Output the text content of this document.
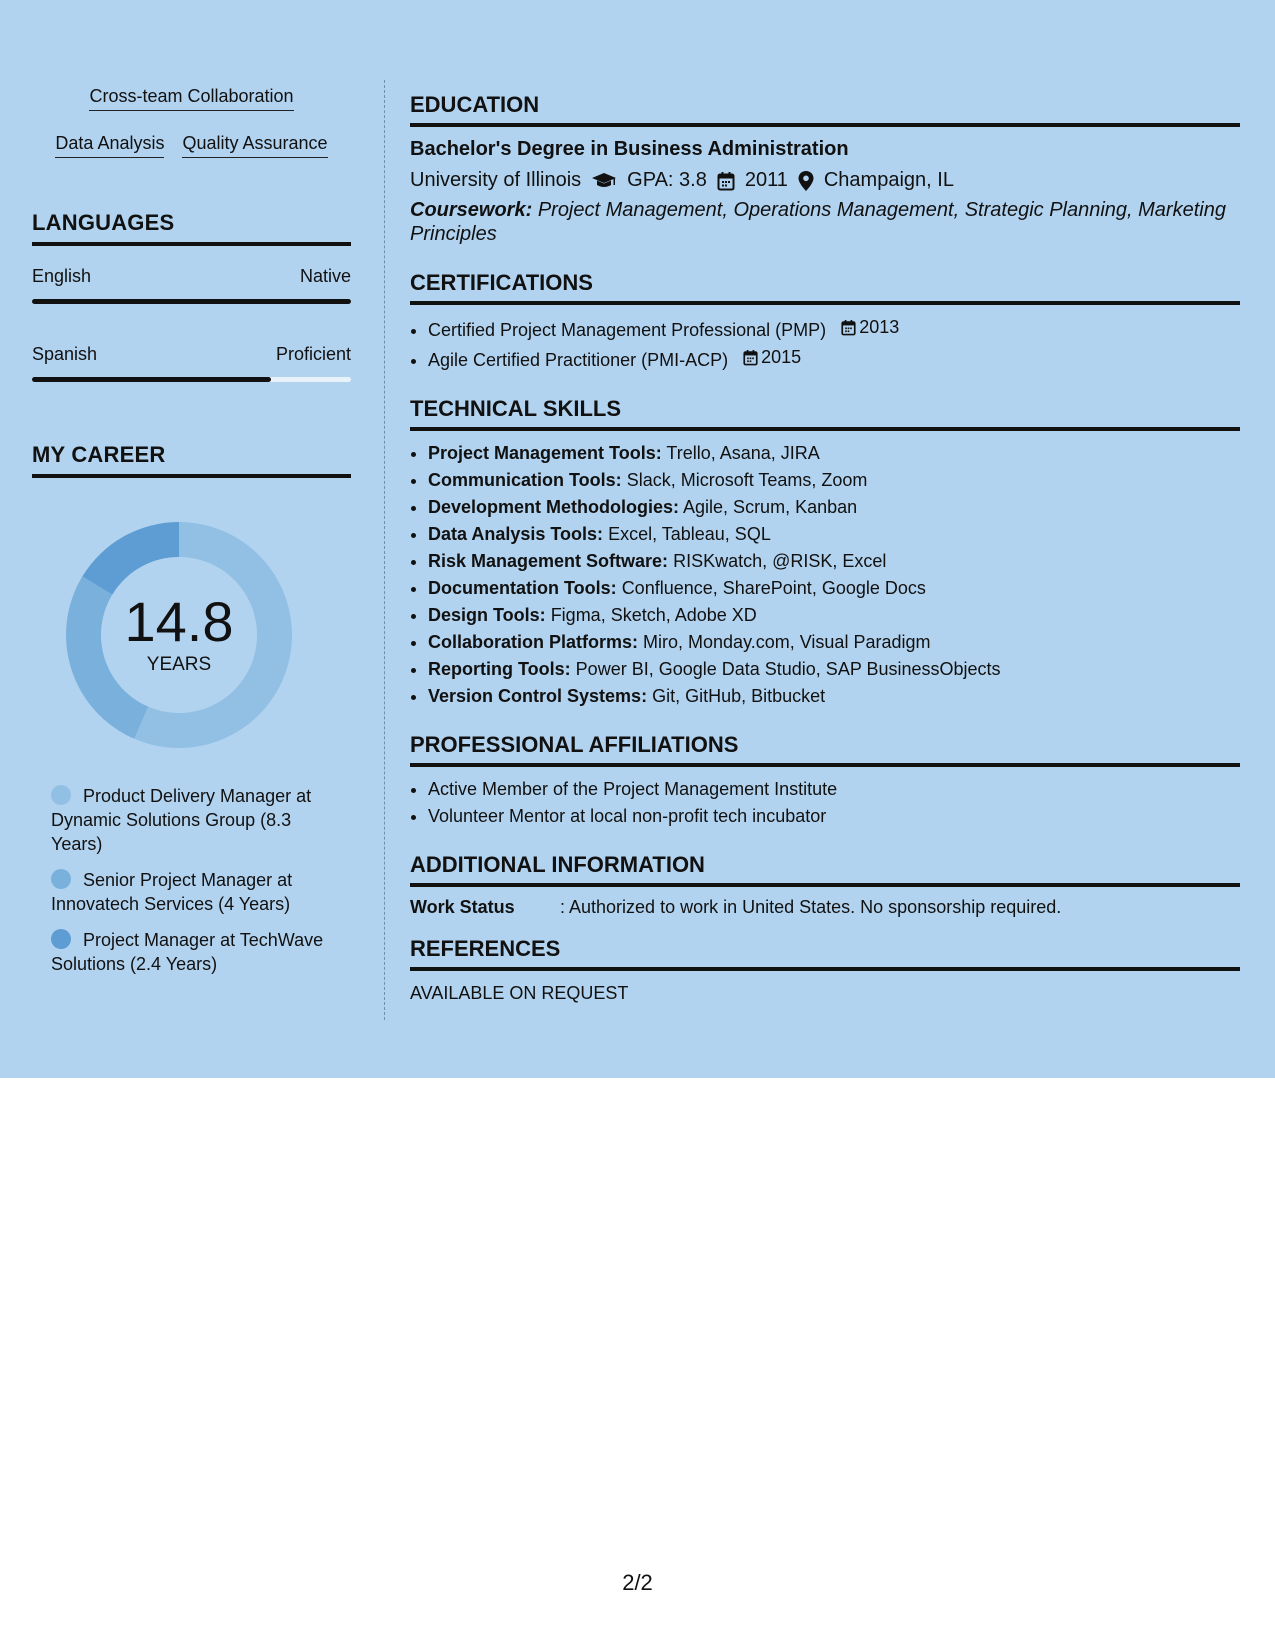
Cross-team Collaboration
Data Analysis Quality Assurance
LANGUAGES
English	Native
Spanish	Proficient
MY CAREER
14.8
YEARS
Product Delivery Manager at Dynamic Solutions Group (8.3 Years)
Senior Project Manager at Innovatech Services (4 Years)
Project Manager at TechWave Solutions (2.4 Years)
EDUCATION
Bachelor's Degree in Business Administration
University of Illinois GPA: 3.8 2011 Champaign, IL
Coursework: Project Management, Operations Management, Strategic Planning, Marketing Principles
CERTIFICATIONS
• Certified Project Management Professional (PMP) 2013
• Agile Certified Practitioner (PMI-ACP) 2015
TECHNICAL SKILLS
• Project Management Tools: Trello, Asana, JIRA
• Communication Tools: Slack, Microsoft Teams, Zoom
• Development Methodologies: Agile, Scrum, Kanban
• Data Analysis Tools: Excel, Tableau, SQL
• Risk Management Software: RISKwatch, @RISK, Excel
• Documentation Tools: Confluence, SharePoint, Google Docs
• Design Tools: Figma, Sketch, Adobe XD
• Collaboration Platforms: Miro, Monday.com, Visual Paradigm
• Reporting Tools: Power BI, Google Data Studio, SAP BusinessObjects
• Version Control Systems: Git, GitHub, Bitbucket
PROFESSIONAL AFFILIATIONS
• Active Member of the Project Management Institute
• Volunteer Mentor at local non-profit tech incubator
ADDITIONAL INFORMATION
Work Status	: Authorized to work in United States. No sponsorship required.
REFERENCES
AVAILABLE ON REQUEST
2/2
